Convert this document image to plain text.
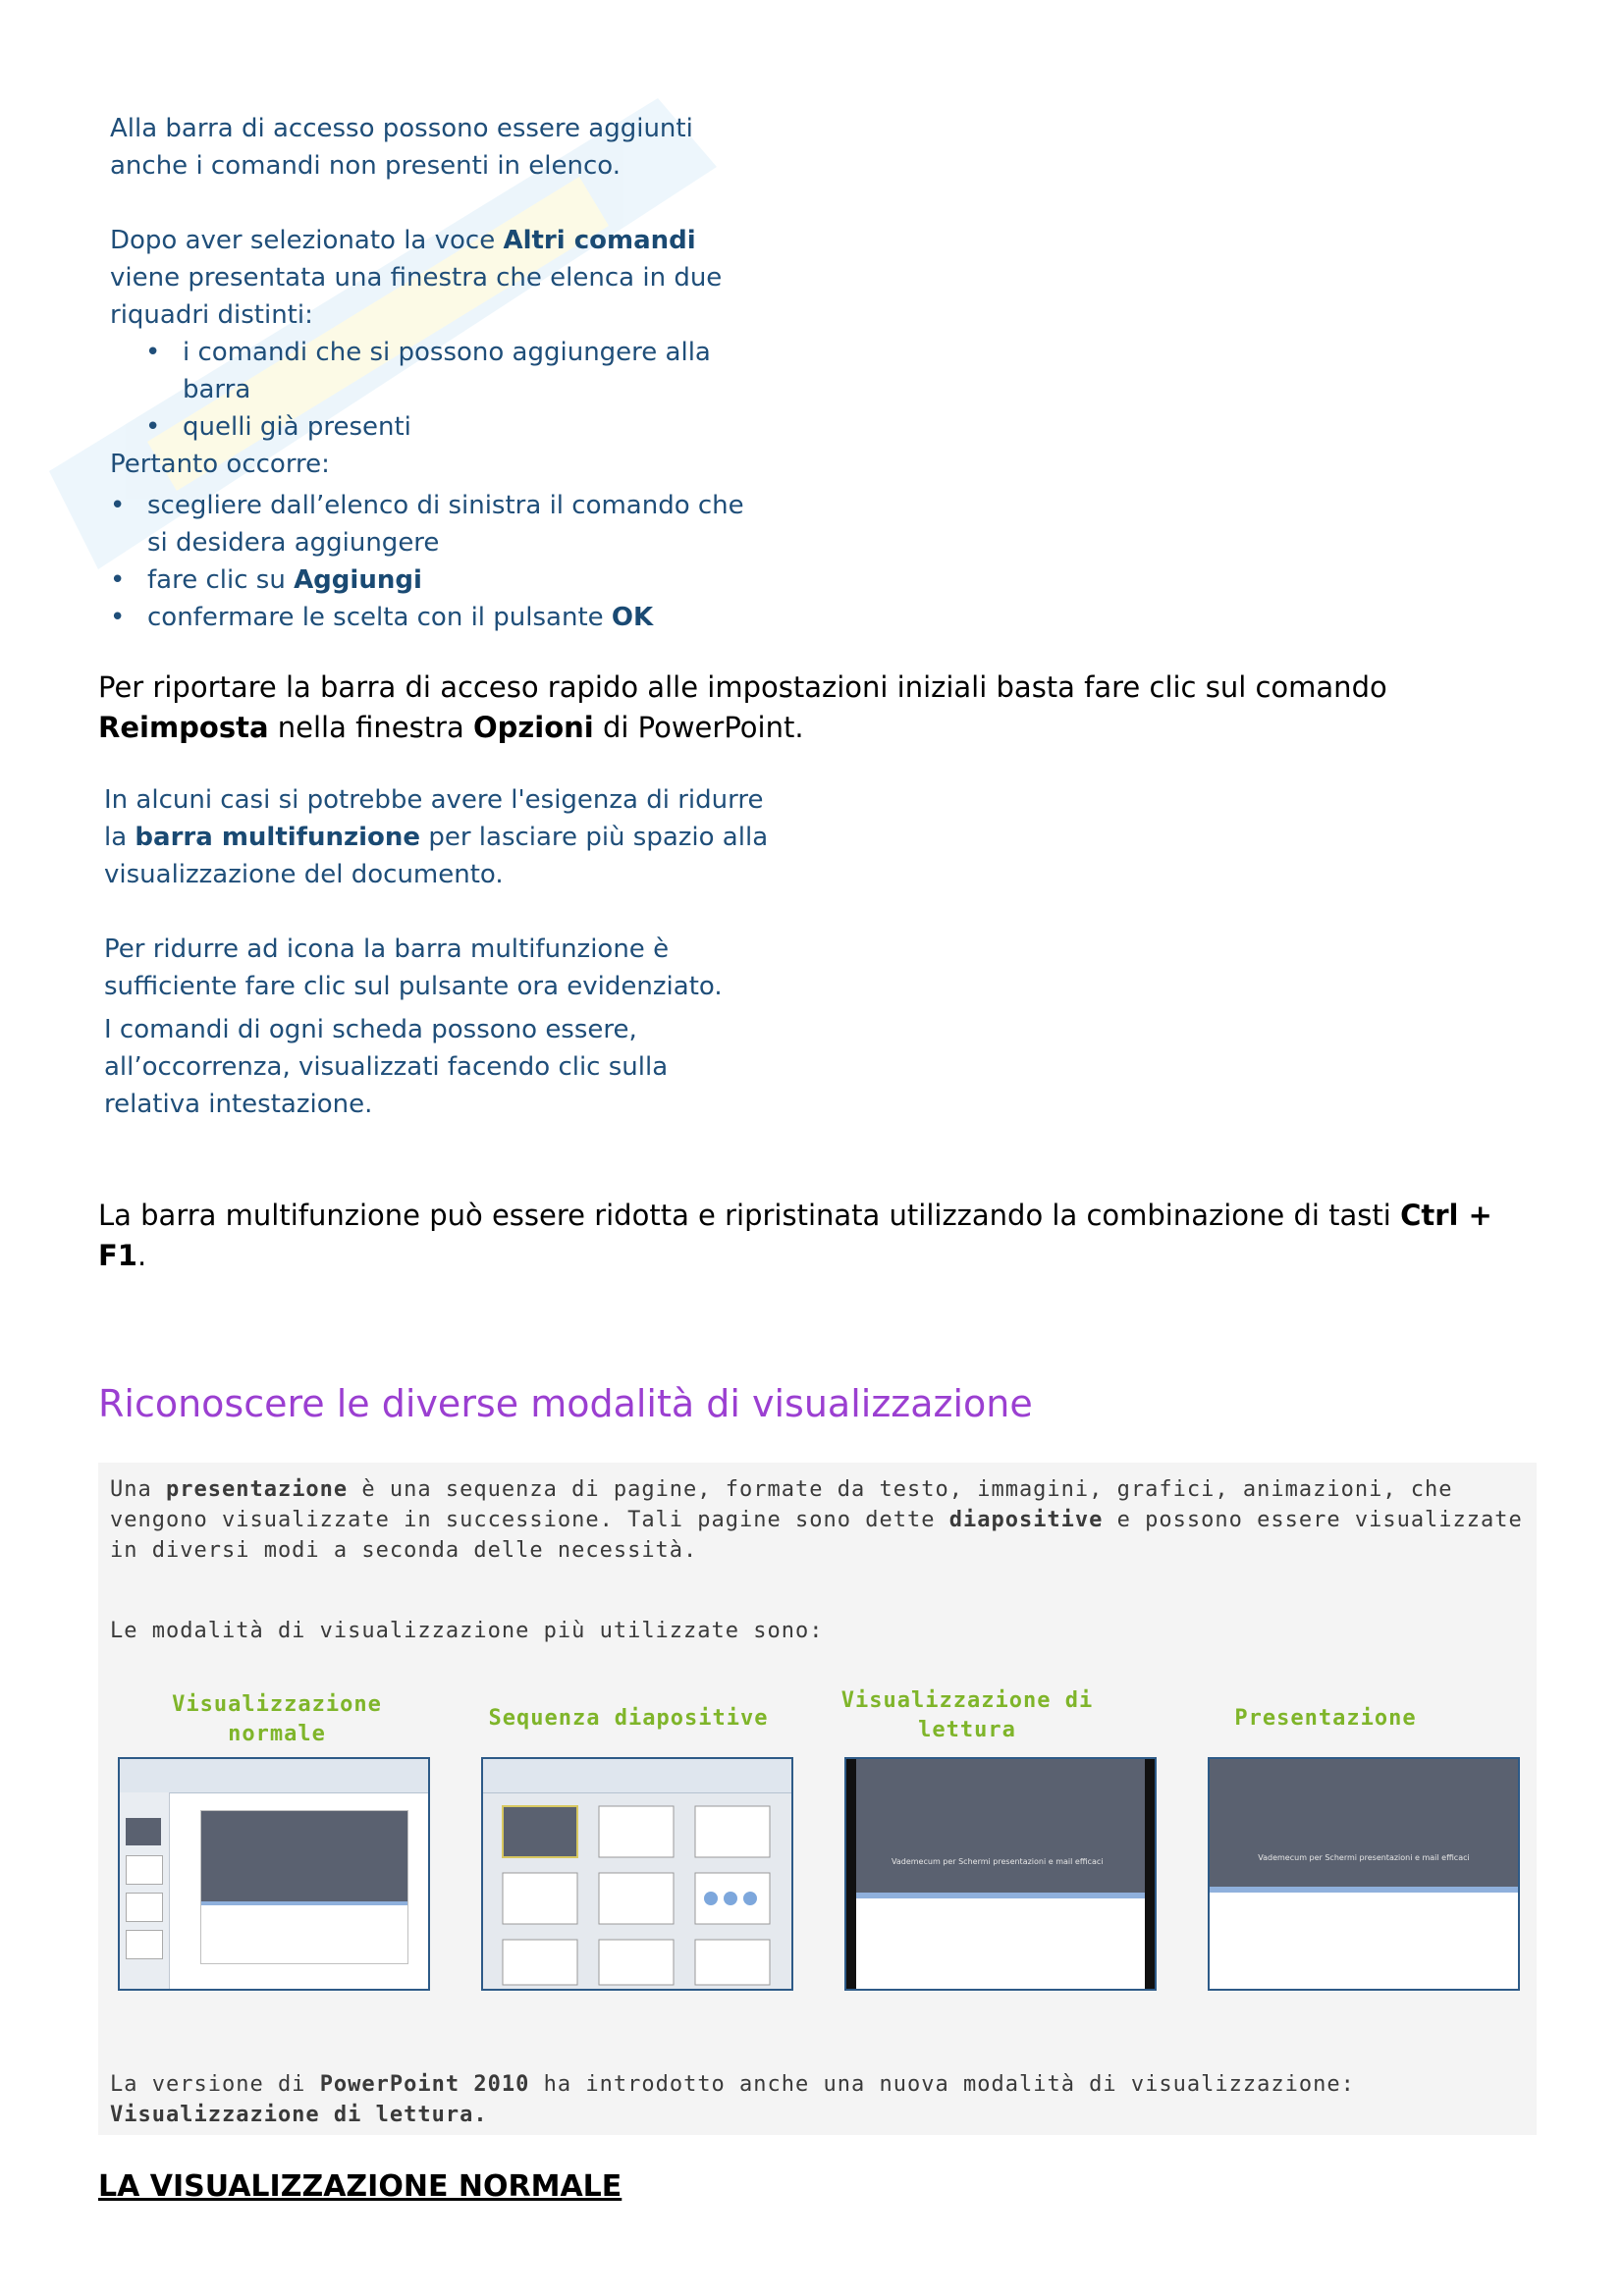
Alla barra di accesso possono essere aggiunti anche i comandi non presenti in elenco.

Dopo aver selezionato la voce Altri comandi viene presentata una finestra che elenca in due riquadri distinti:

• i comandi che si possono aggiungere alla barra
• quelli già presenti

Pertanto occorre:

• scegliere dall’elenco di sinistra il comando che si desidera aggiungere
• fare clic su Aggiungi
• confermare le scelta con il pulsante OK
Per riportare la barra di acceso rapido alle impostazioni iniziali basta fare clic sul comando Reimposta nella finestra Opzioni di PowerPoint.

In alcuni casi si potrebbe avere l'esigenza di ridurre la barra multifunzione per lasciare più spazio alla visualizzazione del documento.

Per ridurre ad icona la barra multifunzione è sufficiente fare clic sul pulsante ora evidenziato.

I comandi di ogni scheda possono essere, all’occorrenza, visualizzati facendo clic sulla relativa intestazione.

La barra multifunzione può essere ridotta e ripristinata utilizzando la combinazione di tasti Ctrl + F1.
Riconoscere le diverse modalità di visualizzazione
Una presentazione è una sequenza di pagine, formate da testo, immagini, grafici, animazioni, che vengono visualizzate in successione. Tali pagine sono dette diapositive e possono essere visualizzate in diversi modi a seconda delle necessità.
Le modalità di visualizzazione più utilizzate sono:
Visualizzazione normale
Sequenza diapositive
Visualizzazione di lettura	Presentazione
Vademecum per Schermi presentazioni e mail efficaci	Vademecum per Schermi presentazioni e mail efficaci
La versione di PowerPoint 2010 ha introdotto anche una nuova modalità di visualizzazione: Visualizzazione di lettura.
LA VISUALIZZAZIONE NORMALE
